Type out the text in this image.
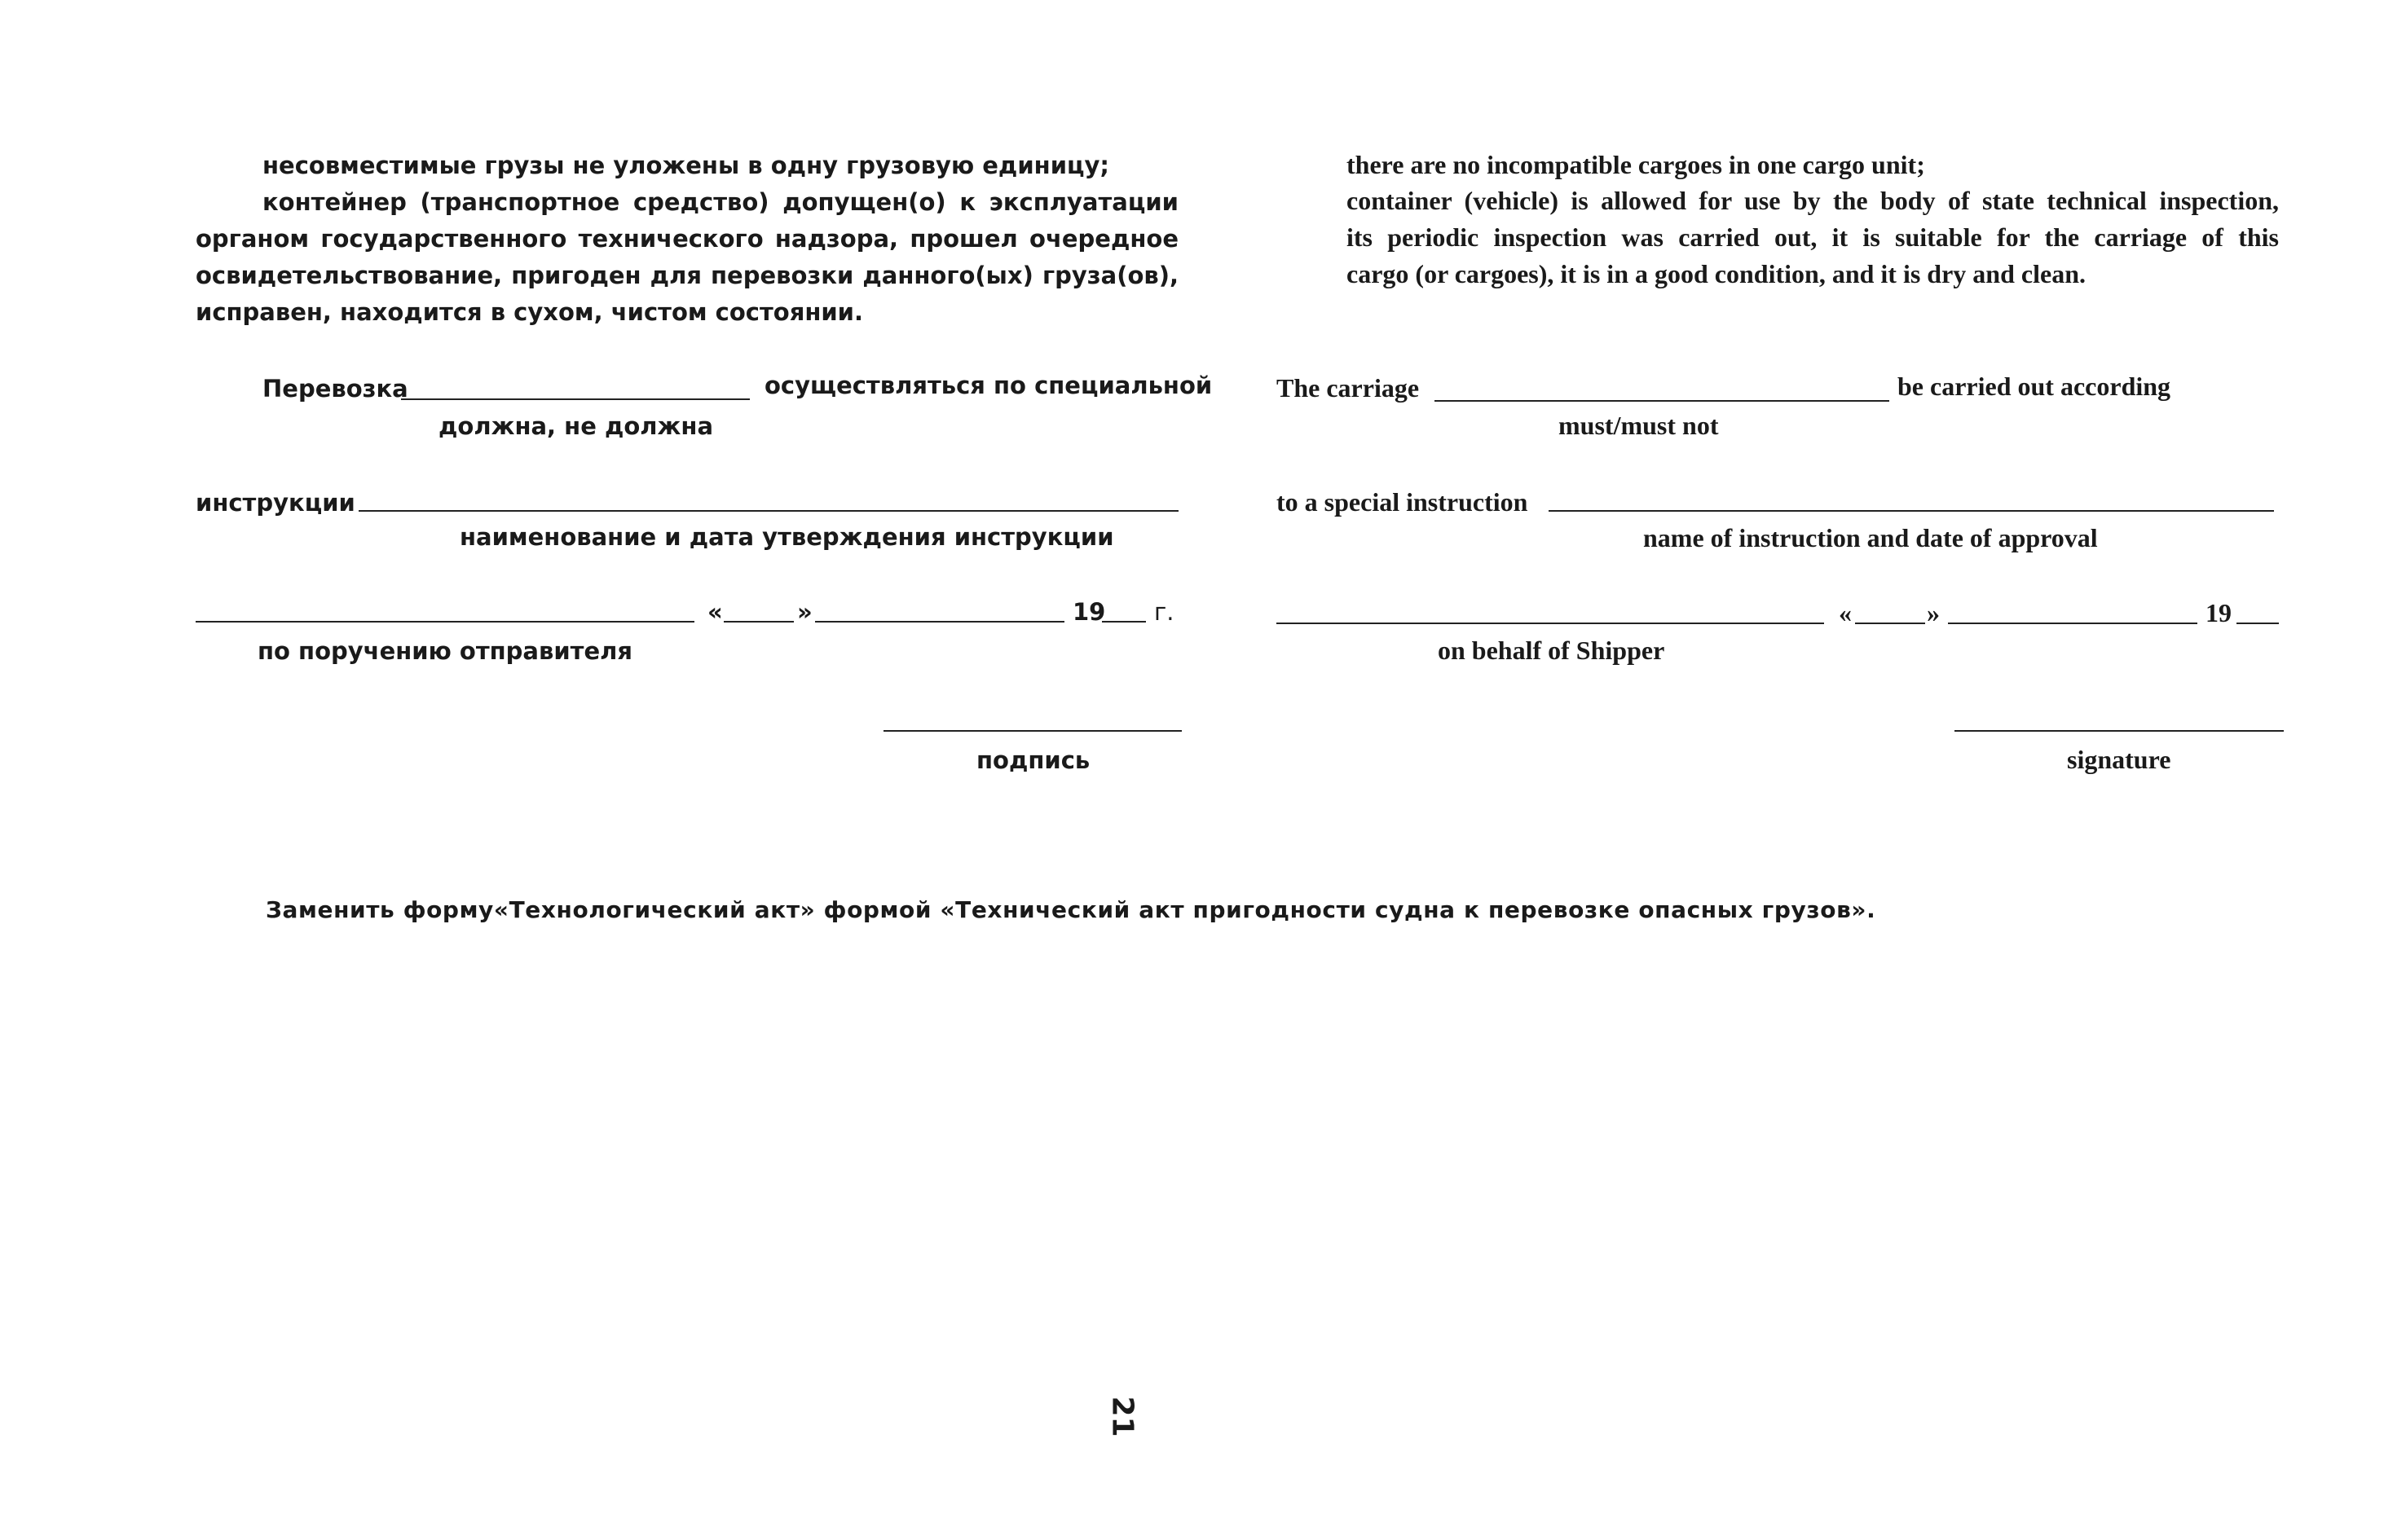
несовместимые грузы не уложены в одну грузовую единицу;
контейнер (транспортное средство) допущен(о) к эксплуатации
органом государственного технического надзора, прошел очередное
освидетельствование, пригоден для перевозки данного(ых) груза(ов),
исправен, находится в сухом, чистом состоянии.
Перевозка	осуществляться по специальной
должна, не должна
инструкции
наименование и дата утверждения инструкции
«	»	19 г.
по поручению отправителя
подпись
there are no incompatible cargoes in one cargo unit;
container (vehicle) is allowed for use by the body of state technical inspection,
its periodic inspection was carried out, it is suitable for the carriage of this
cargo (or cargoes), it is in a good condition, and it is dry and clean.
The carriage	be carried out according
must/must not
to a special instruction
name of instruction and date of approval
«	»	19
on behalf of Shipper
signature
Заменить форму«Технологический акт» формой «Технический акт пригодности судна к перевозке опасных грузов».
21
